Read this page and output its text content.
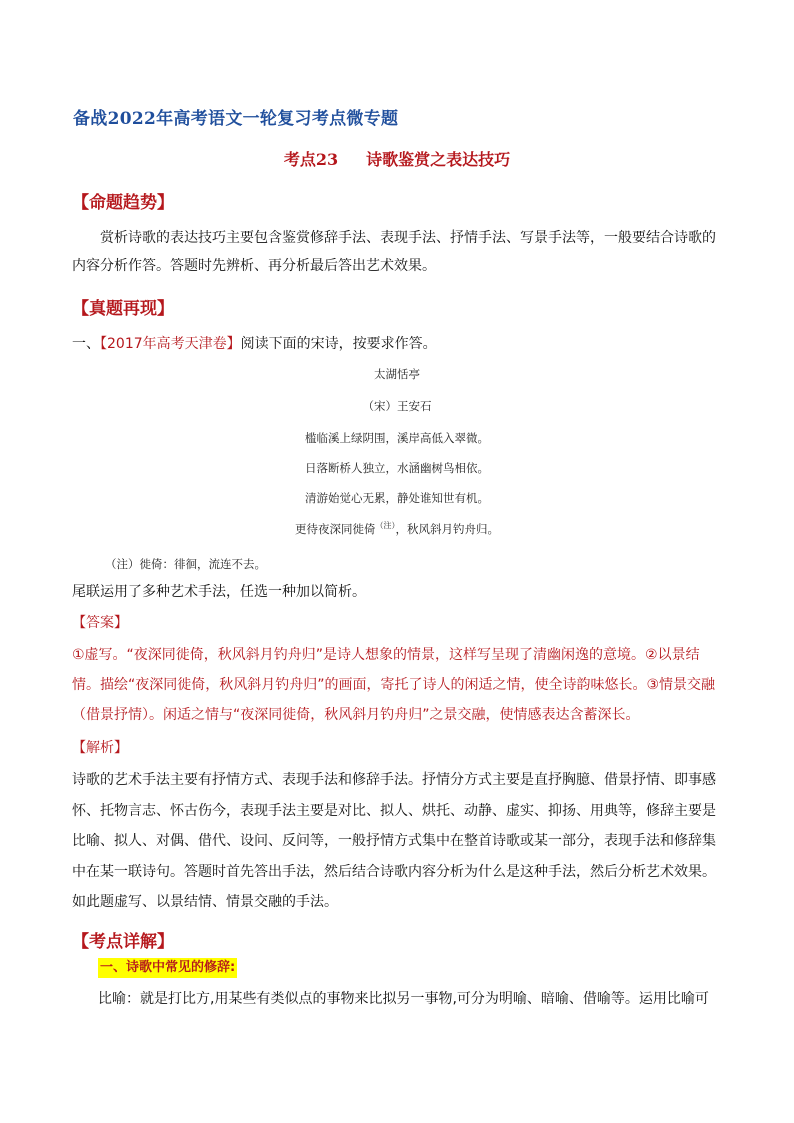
备战2022年高考语文一轮复习考点微专题
考点23 诗歌鉴赏之表达技巧
【命题趋势】
赏析诗歌的表达技巧主要包含鉴赏修辞手法、表现手法、抒情手法、写景手法等，一般要结合诗歌的内容分析作答。答题时先辨析、再分析最后答出艺术效果。
【真题再现】
一、【2017年高考天津卷】阅读下面的宋诗，按要求作答。
太湖恬亭
（宋）王安石
槛临溪上绿阴围，溪岸高低入翠微。
日落断桥人独立，水涵幽树鸟相依。
清游始觉心无累，静处谁知世有机。
更待夜深同徙倚$^{(注)}$，秋风斜月钓舟归。
（注）徙倚：徘徊，流连不去。
尾联运用了多种艺术手法，任选一种加以简析。
【答案】
①虚写。“夜深同徙倚，秋风斜月钓舟归”是诗人想象的情景，这样写呈现了清幽闲逸的意境。②以景结情。描绘“夜深同徙倚，秋风斜月钓舟归”的画面，寄托了诗人的闲适之情，使全诗韵味悠长。③情景交融（借景抒情）。闲适之情与“夜深同徙倚，秋风斜月钓舟归”之景交融，使情感表达含蓄深长。
【解析】
诗歌的艺术手法主要有抒情方式、表现手法和修辞手法。抒情分方式主要是直抒胸臆、借景抒情、即事感怀、托物言志、怀古伤今，表现手法主要是对比、拟人、烘托、动静、虚实、抑扬、用典等，修辞主要是比喻、拟人、对偶、借代、设问、反问等，一般抒情方式集中在整首诗歌或某一部分，表现手法和修辞集中在某一联诗句。答题时首先答出手法，然后结合诗歌内容分析为什么是这种手法，然后分析艺术效果。如此题虚写、以景结情、情景交融的手法。
【考点详解】
一、诗歌中常见的修辞:
比喻：就是打比方,用某些有类似点的事物来比拟另一事物,可分为明喻、暗喻、借喻等。运用比喻可
